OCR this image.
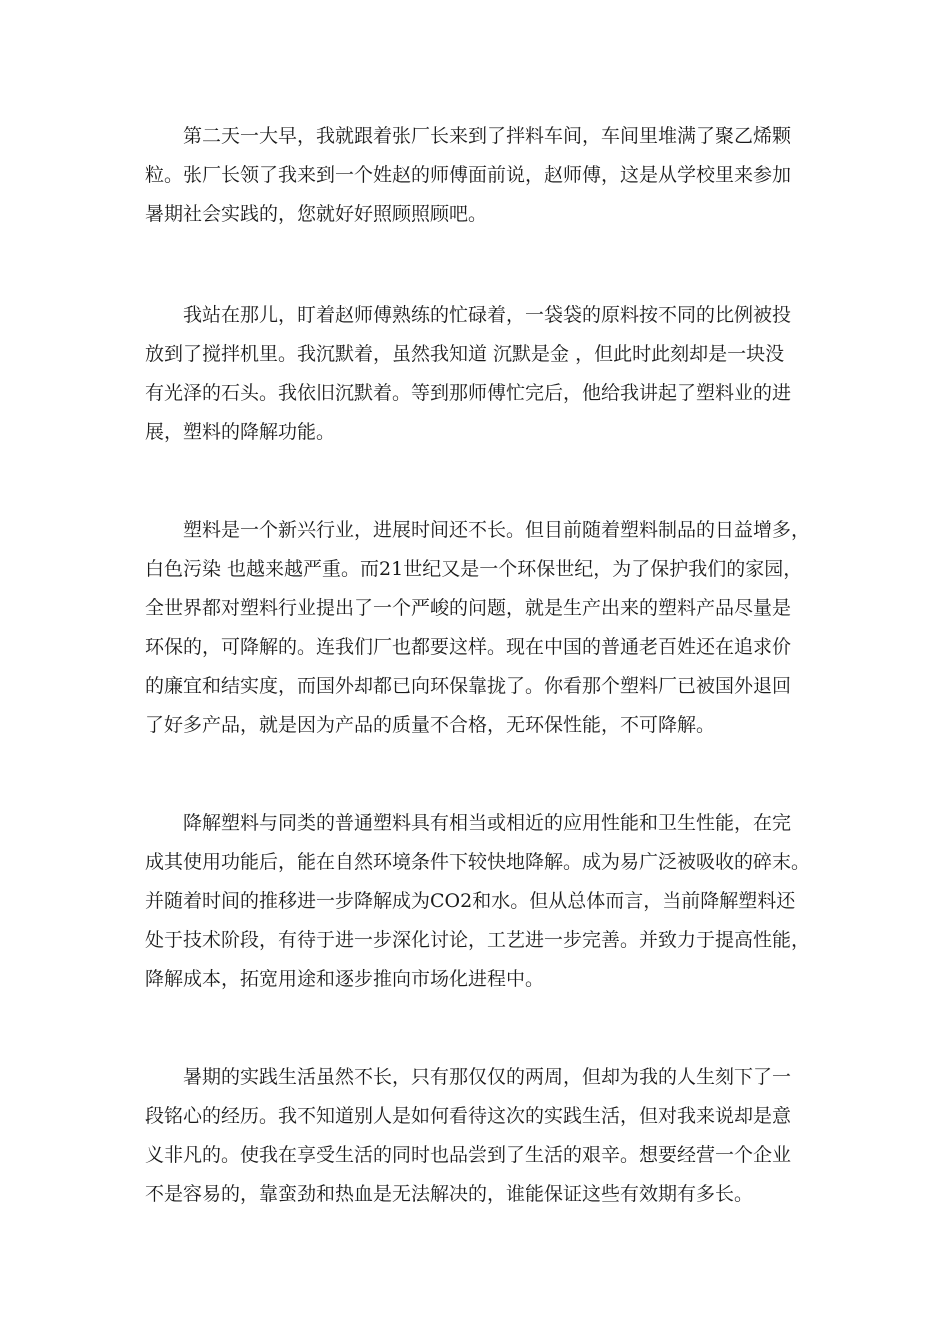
　　第二天一大早，我就跟着张厂长来到了拌料车间，车间里堆满了聚乙烯颗
粒。张厂长领了我来到一个姓赵的师傅面前说，赵师傅，这是从学校里来参加
暑期社会实践的，您就好好照顾照顾吧。
　　我站在那儿，盯着赵师傅熟练的忙碌着，一袋袋的原料按不同的比例被投
放到了搅拌机里。我沉默着，虽然我知道 沉默是金 ，但此时此刻却是一块没
有光泽的石头。我依旧沉默着。等到那师傅忙完后，他给我讲起了塑料业的进
展，塑料的降解功能。
　　塑料是一个新兴行业，进展时间还不长。但目前随着塑料制品的日益增多，
白色污染 也越来越严重。而21世纪又是一个环保世纪，为了保护我们的家园，
全世界都对塑料行业提出了一个严峻的问题，就是生产出来的塑料产品尽量是
环保的，可降解的。连我们厂也都要这样。现在中国的普通老百姓还在追求价
的廉宜和结实度，而国外却都已向环保靠拢了。你看那个塑料厂已被国外退回
了好多产品，就是因为产品的质量不合格，无环保性能，不可降解。
　　降解塑料与同类的普通塑料具有相当或相近的应用性能和卫生性能，在完
成其使用功能后，能在自然环境条件下较快地降解。成为易广泛被吸收的碎末。
并随着时间的推移进一步降解成为CO2和水。但从总体而言，当前降解塑料还
处于技术阶段，有待于进一步深化讨论，工艺进一步完善。并致力于提高性能，
降解成本，拓宽用途和逐步推向市场化进程中。
　　暑期的实践生活虽然不长，只有那仅仅的两周，但却为我的人生刻下了一
段铭心的经历。我不知道别人是如何看待这次的实践生活，但对我来说却是意
义非凡的。使我在享受生活的同时也品尝到了生活的艰辛。想要经营一个企业
不是容易的，靠蛮劲和热血是无法解决的，谁能保证这些有效期有多长。
